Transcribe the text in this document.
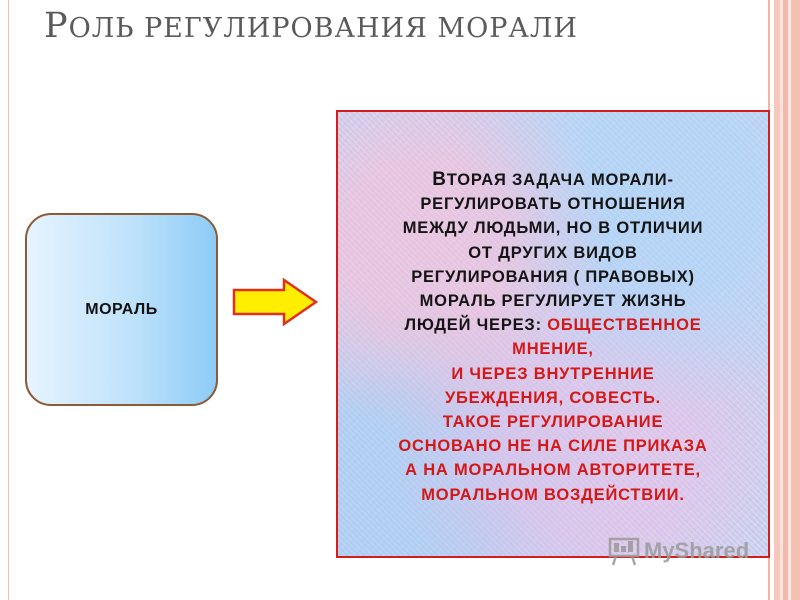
РОЛЬ РЕГУЛИРОВАНИЯ МОРАЛИ
МОРАЛЬ
ВТОРАЯ ЗАДАЧА МОРАЛИ-
РЕГУЛИРОВАТЬ ОТНОШЕНИЯ
МЕЖДУ ЛЮДЬМИ, НО В ОТЛИЧИИ
ОТ ДРУГИХ ВИДОВ
РЕГУЛИРОВАНИЯ ( ПРАВОВЫХ)
МОРАЛЬ РЕГУЛИРУЕТ ЖИЗНЬ
ЛЮДЕЙ ЧЕРЕЗ: ОБЩЕСТВЕННОЕ
МНЕНИЕ,
И ЧЕРЕЗ ВНУТРЕННИЕ
УБЕЖДЕНИЯ, СОВЕСТЬ.
ТАКОЕ РЕГУЛИРОВАНИЕ
ОСНОВАНО НЕ НА СИЛЕ ПРИКАЗА
А НА МОРАЛЬНОМ АВТОРИТЕТЕ,
МОРАЛЬНОМ ВОЗДЕЙСТВИИ.
MyShared
